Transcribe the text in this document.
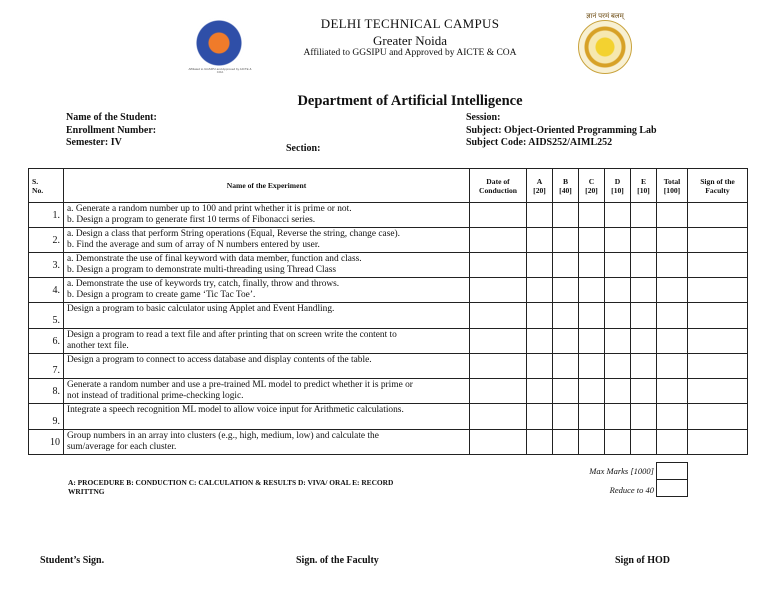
Affiliated to GGSIPU and Approved by AICTE & COA
ज्ञानं परमं बलम्
DELHI TECHNICAL CAMPUS
Greater Noida
Affiliated to GGSIPU and Approved by AICTE & COA
Department of Artificial Intelligence
Name of the Student:
Enrollment Number:
Semester: IV
Section:
Session:
Subject: Object-Oriented Programming Lab
Subject Code: AIDS252/AIML252
S. No.	Name of the Experiment	Date of Conduction	A [20]	B [40]	C [20]	D [10]	E [10]	Total [100]	Sign of the Faculty
1.	a. Generate a random number up to 100 and print whether it is prime or not.
b. Design a program to generate first 10 terms of Fibonacci series.								

2.	a. Design a class that perform String operations (Equal, Reverse the string, change case).
b. Find the average and sum of array of N numbers entered by user.								

3.	a. Demonstrate the use of final keyword with data member, function and class.
b. Design a program to demonstrate multi-threading using Thread Class								

4.	a. Demonstrate the use of keywords try, catch, finally, throw and throws.
b. Design a program to create game ‘Tic Tac Toe’.								

5.	Design a program to basic calculator using Applet and Event Handling.								

6.	Design a program to read a text file and after printing that on screen write the content to
another text file.								

7.	Design a program to connect to access database and display contents of the table.								

8.	Generate a random number and use a pre-trained ML model to predict whether it is prime or
not instead of traditional prime-checking logic.								

9.	Integrate a speech recognition ML model to allow voice input for Arithmetic calculations.								

10	Group numbers in an array into clusters (e.g., high, medium, low) and calculate the
sum/average for each cluster.								

Max Marks [1000]
Reduce to 40
A: PROCEDURE B: CONDUCTION C: CALCULATION & RESULTS D: VIVA/ ORAL E: RECORD
WRITTNG
Student’s Sign.	Sign. of the Faculty	Sign of HOD
